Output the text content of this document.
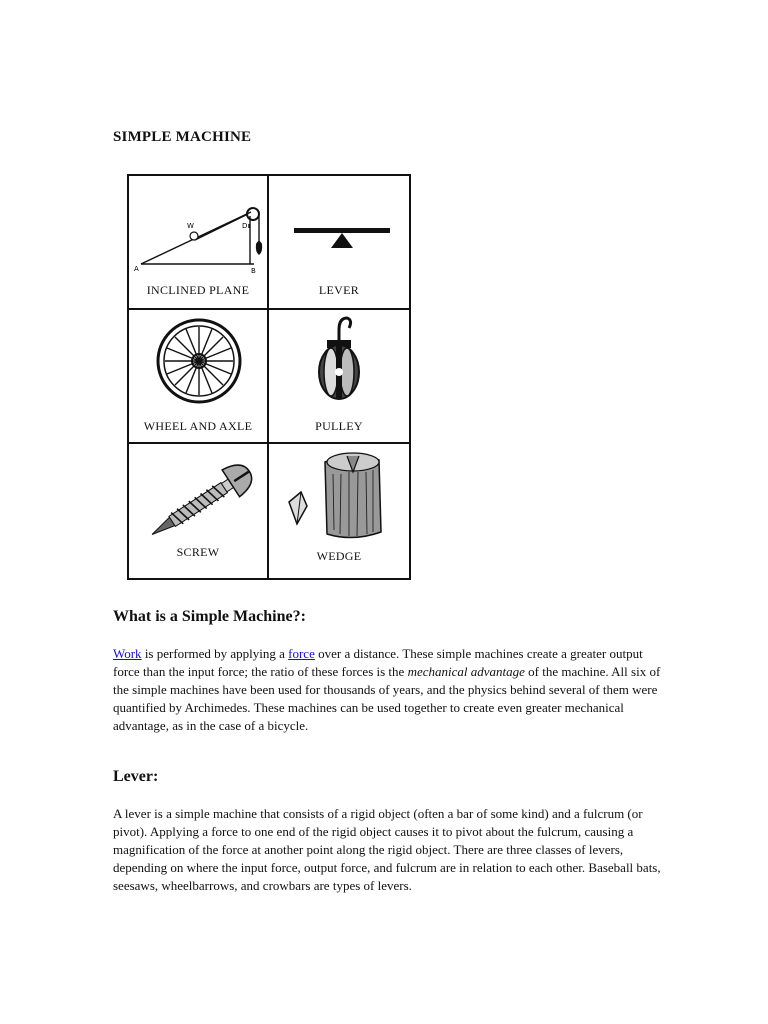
SIMPLE MACHINE
A	B
W	D
INCLINED PLANE	LEVER
WHEEL AND AXLE	PULLEY
SCREW	WEDGE
What is a Simple Machine?:

Work is performed by applying a force over a distance. These simple machines create a greater output force than the input force; the ratio of these forces is the mechanical advantage of the machine. All six of the simple machines have been used for thousands of years, and the physics behind several of them were quantified by Archimedes. These machines can be used together to create even greater mechanical advantage, as in the case of a bicycle.

Lever:

A lever is a simple machine that consists of a rigid object (often a bar of some kind) and a fulcrum (or pivot). Applying a force to one end of the rigid object causes it to pivot about the fulcrum, causing a magnification of the force at another point along the rigid object. There are three classes of levers, depending on where the input force, output force, and fulcrum are in relation to each other. Baseball bats, seesaws, wheelbarrows, and crowbars are types of levers.
